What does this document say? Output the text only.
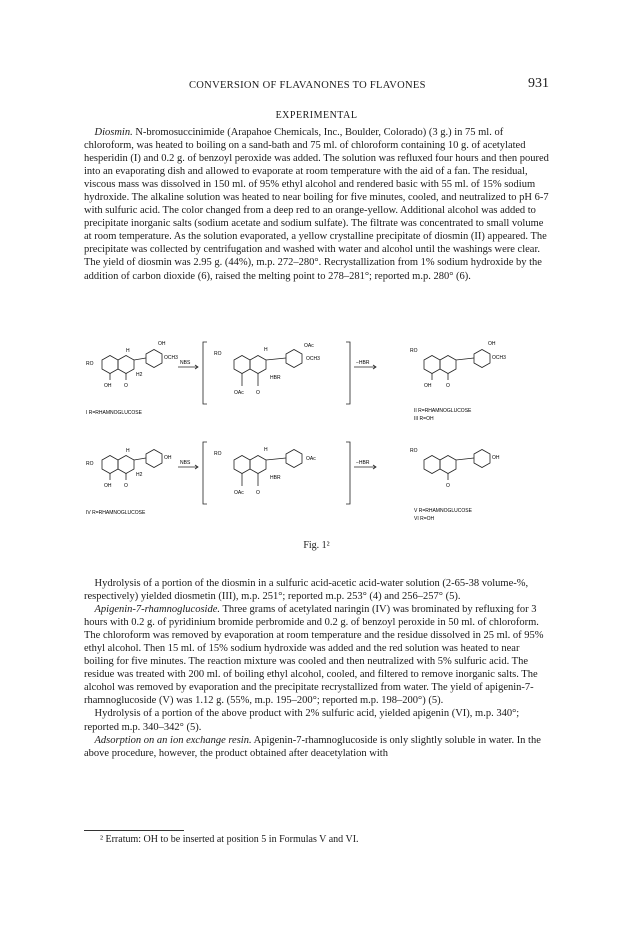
CONVERSION OF FLAVANONES TO FLAVONES	931
EXPERIMENTAL
 Diosmin. N-bromosuccinimide (Arapahoe Chemicals, Inc., Boulder, Colorado) (3 g.) in 75 ml. of chloroform, was heated to boiling on a sand-bath and 75 ml. of chloroform containing 10 g. of acetylated hesperidin (I) and 0.2 g. of benzoyl peroxide was added. The solution was refluxed four hours and then poured into an evaporating dish and allowed to evaporate at room temperature with the aid of a fan. The residual, viscous mass was dissolved in 150 ml. of 95% ethyl alcohol and rendered basic with 55 ml. of 15% sodium hydroxide. The alkaline solution was heated to near boiling for five minutes, cooled, and neutralized to pH 6-7 with sulfuric acid. The color changed from a deep red to an orange-yellow. Additional alcohol was added to precipitate inorganic salts (sodium acetate and sodium sulfate). The filtrate was concentrated to small volume at room temperature. As the solution evaporated, a yellow crystalline precipitate of diosmin (II) appeared. The precipitate was collected by centrifugation and washed with water and alcohol until the washings were clear. The yield of diosmin was 2.95 g. (44%), m.p. 272–280°. Recrystallization from 1% sodium hydroxide by the addition of carbon dioxide (6), raised the melting point to 278–281°; reported m.p. 280° (6).
RO
H
OH
OCH3
H2
OH	O
NBS
RO
H
OAc
OCH3
HBR
OAc O
−HBR
RO
OH
OCH3
OH	O
I R=RHAMNOGLUCOSE	II R=RHAMNOGLUCOSE
III R=OH
RO
H
OH
H2
OH	O
NBS
RO
H
OAc
HBR
OAc O
−HBR
RO
OH
O
IV R=RHAMNOGLUCOSE	V R=RHAMNOGLUCOSE
VI R=OH
Fig. 1²
 Hydrolysis of a portion of the diosmin in a sulfuric acid-acetic acid-water solution (2-65-38 volume-%, respectively) yielded diosmetin (III), m.p. 251°; reported m.p. 253° (4) and 256–257° (5).
 Apigenin-7-rhamnoglucoside. Three grams of acetylated naringin (IV) was brominated by refluxing for 3 hours with 0.2 g. of pyridinium bromide perbromide and 0.2 g. of benzoyl peroxide in 50 ml. of chloroform. The chloroform was removed by evaporation at room temperature and the residue dissolved in 25 ml. of 95% ethyl alcohol. Then 15 ml. of 15% sodium hydroxide was added and the red solution was heated to near boiling for five minutes. The reaction mixture was cooled and then neutralized with 5% sulfuric acid. The residue was treated with 200 ml. of boiling ethyl alcohol, cooled, and filtered to remove inorganic salts. The alcohol was removed by evaporation and the precipitate recrystallized from water. The yield of apigenin-7-rhamnoglucoside (V) was 1.12 g. (55%, m.p. 195–200°; reported m.p. 198–200°) (5).
 Hydrolysis of a portion of the above product with 2% sulfuric acid, yielded apigenin (VI), m.p. 340°; reported m.p. 340–342° (5).
 Adsorption on an ion exchange resin. Apigenin-7-rhamnoglucoside is only slightly soluble in water. In the above procedure, however, the product obtained after deacetylation with
² Erratum: OH to be inserted at position 5 in Formulas V and VI.
